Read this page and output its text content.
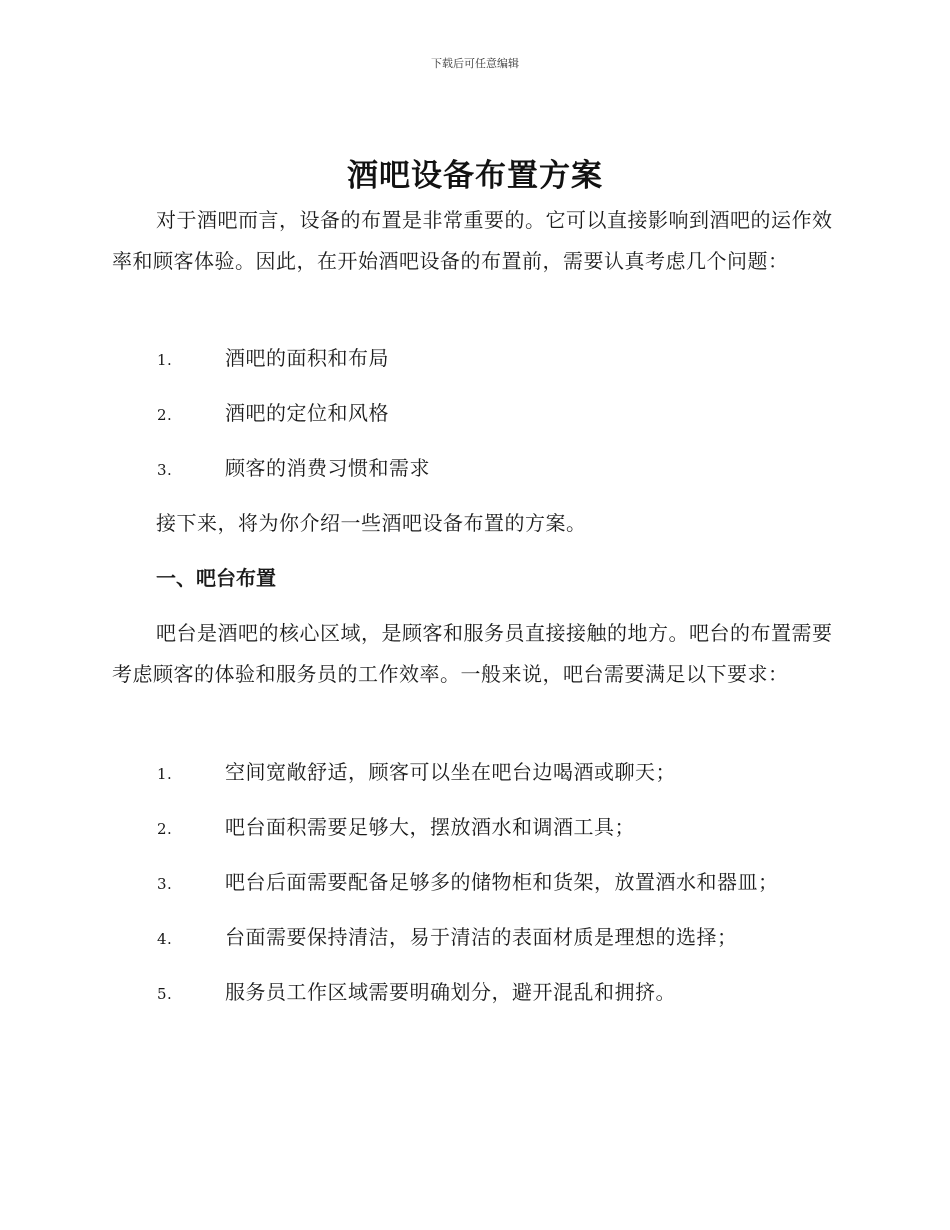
下载后可任意编辑
酒吧设备布置方案
对于酒吧而言，设备的布置是非常重要的。它可以直接影响到酒吧的运作效率和顾客体验。因此，在开始酒吧设备的布置前，需要认真考虑几个问题：
1.	酒吧的面积和布局
2.	酒吧的定位和风格
3.	顾客的消费习惯和需求
接下来，将为你介绍一些酒吧设备布置的方案。
一、吧台布置
吧台是酒吧的核心区域，是顾客和服务员直接接触的地方。吧台的布置需要考虑顾客的体验和服务员的工作效率。一般来说，吧台需要满足以下要求：
1.	空间宽敞舒适，顾客可以坐在吧台边喝酒或聊天；
2.	吧台面积需要足够大，摆放酒水和调酒工具；
3.	吧台后面需要配备足够多的储物柜和货架，放置酒水和器皿；
4.	台面需要保持清洁，易于清洁的表面材质是理想的选择；
5.	服务员工作区域需要明确划分，避开混乱和拥挤。
